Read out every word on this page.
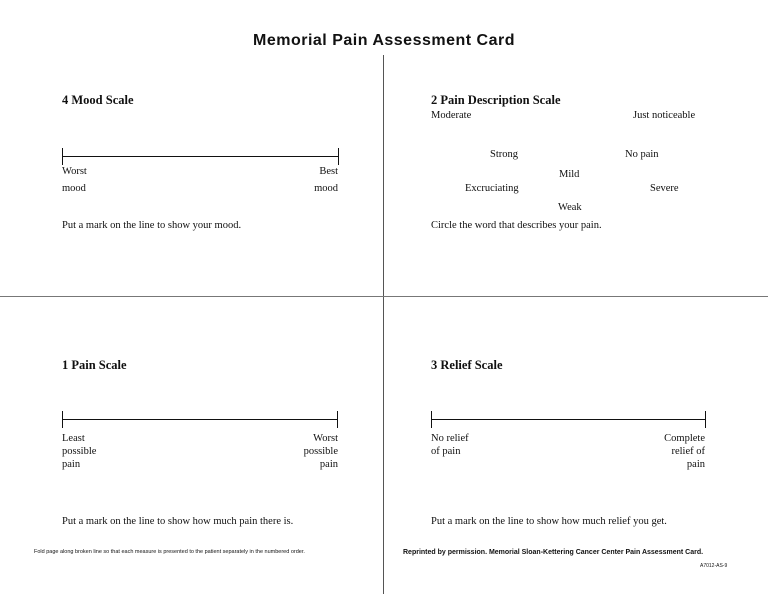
Memorial Pain Assessment Card
4 Mood Scale
Worst
mood
Best
mood
Put a mark on the line to show your mood.
2 Pain Description Scale
Moderate	Just noticeable
Strong	No pain
Mild
Excruciating	Severe
Weak
Circle the word that describes your pain.
1 Pain Scale
Least
possible
pain
Worst
possible
pain
Put a mark on the line to show how much pain there is.
3 Relief Scale
No relief
of pain
Complete
relief of
pain
Put a mark on the line to show how much relief you get.
Fold page along broken line so that each measure is presented to the patient separately in the numbered order.	Reprinted by permission. Memorial Sloan-Kettering Cancer Center Pain Assessment Card.
A7012-AS-9
